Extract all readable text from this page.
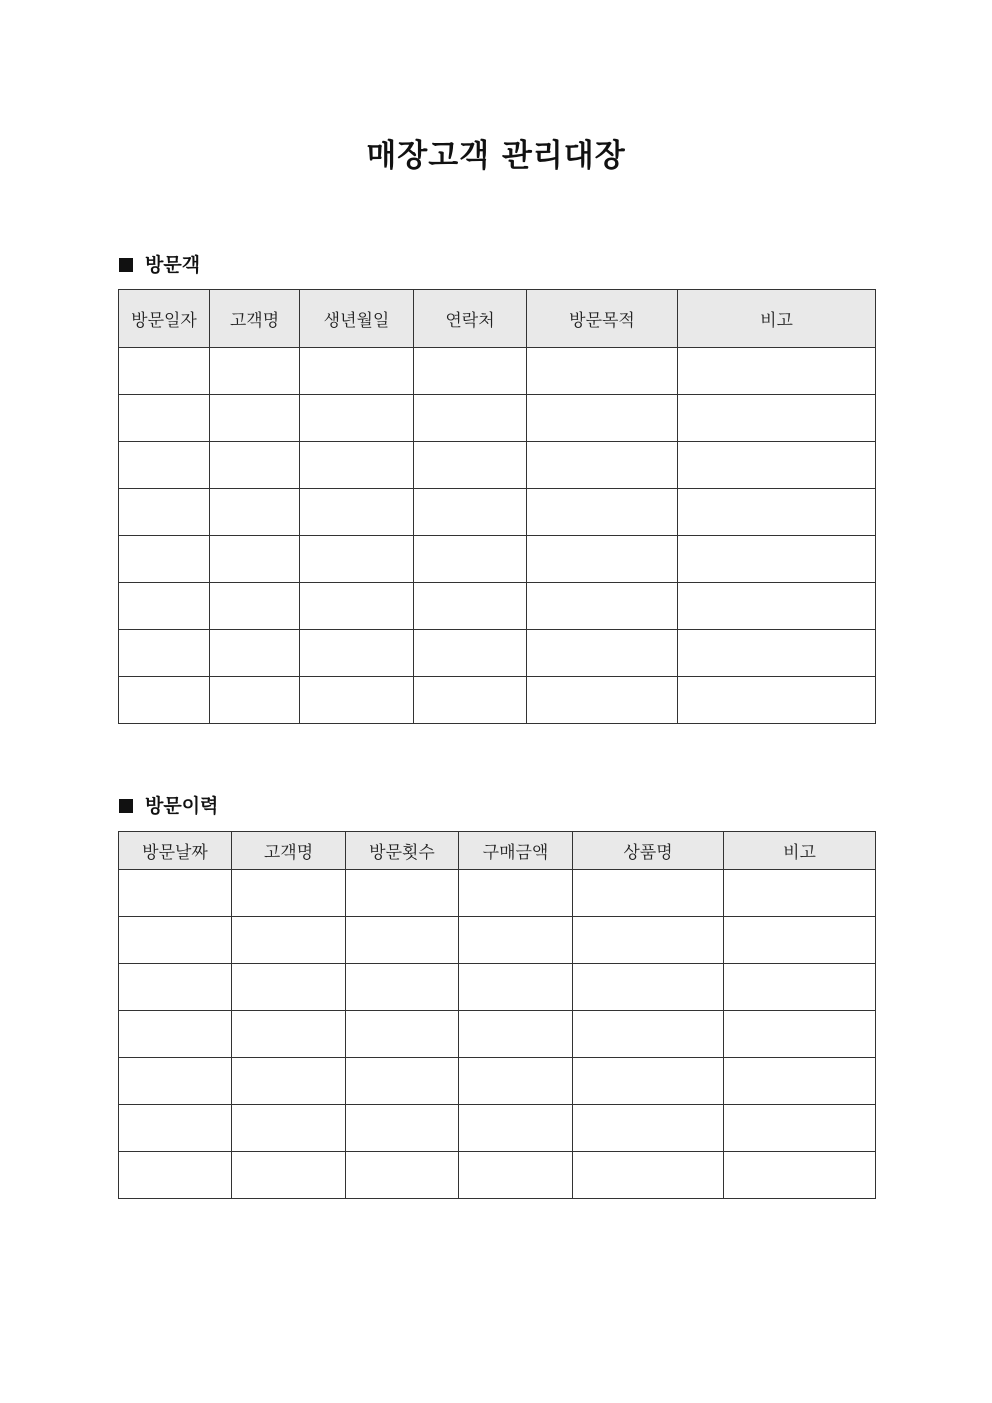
매장고객 관리대장
방문객
방문일자	고객명	생년월일	연락처	방문목적	비고

방문이력
방문날짜	고객명	방문횟수	구매금액	상품명	비고
